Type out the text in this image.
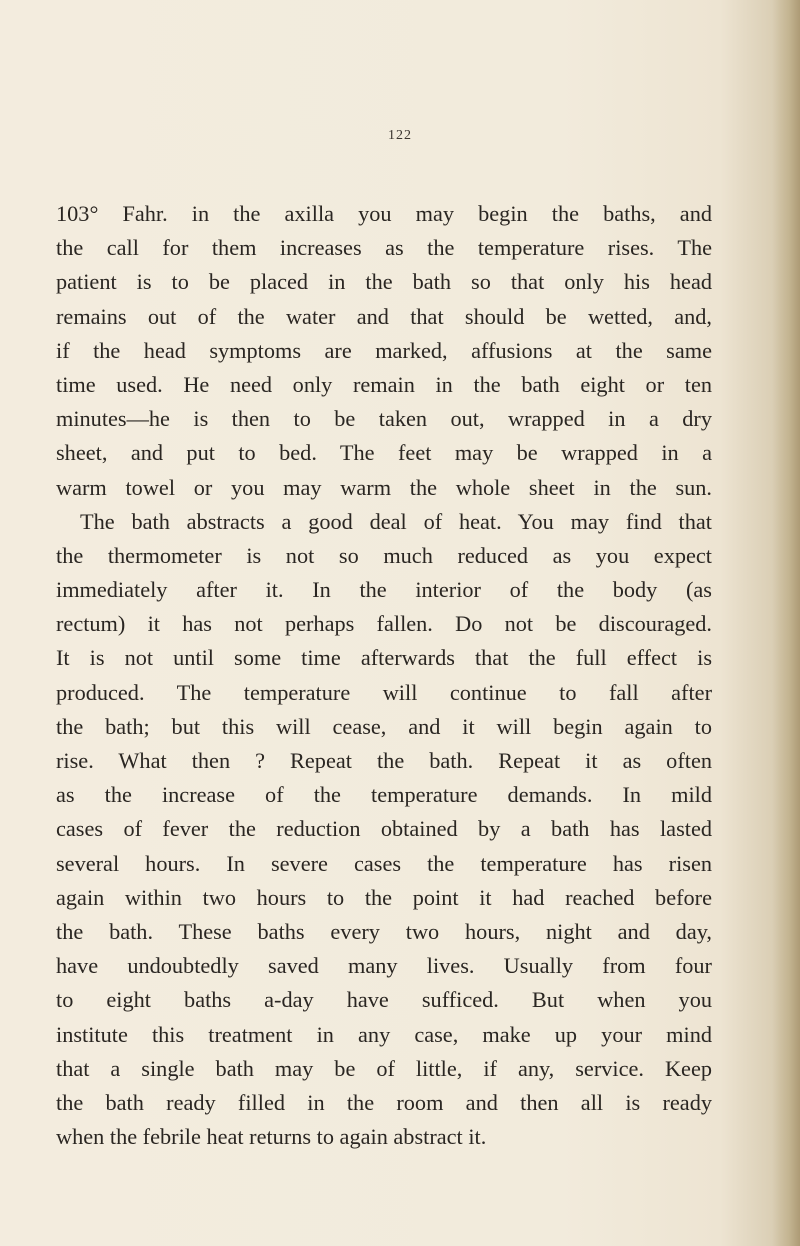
122
103° Fahr. in the axilla you may begin the baths, and
the call for them increases as the temperature rises. The
patient is to be placed in the bath so that only his head
remains out of the water and that should be wetted, and,
if the head symptoms are marked, affusions at the same
time used. He need only remain in the bath eight or ten
minutes—he is then to be taken out, wrapped in a dry
sheet, and put to bed. The feet may be wrapped in a
warm towel or you may warm the whole sheet in the sun.
The bath abstracts a good deal of heat. You may find that
the thermometer is not so much reduced as you expect
immediately after it. In the interior of the body (as
rectum) it has not perhaps fallen. Do not be discouraged.
It is not until some time afterwards that the full effect is
produced. The temperature will continue to fall after
the bath; but this will cease, and it will begin again to
rise. What then ? Repeat the bath. Repeat it as often
as the increase of the temperature demands. In mild
cases of fever the reduction obtained by a bath has lasted
several hours. In severe cases the temperature has risen
again within two hours to the point it had reached before
the bath. These baths every two hours, night and day,
have undoubtedly saved many lives. Usually from four
to eight baths a-day have sufficed. But when you
institute this treatment in any case, make up your mind
that a single bath may be of little, if any, service. Keep
the bath ready filled in the room and then all is ready
when the febrile heat returns to again abstract it.
